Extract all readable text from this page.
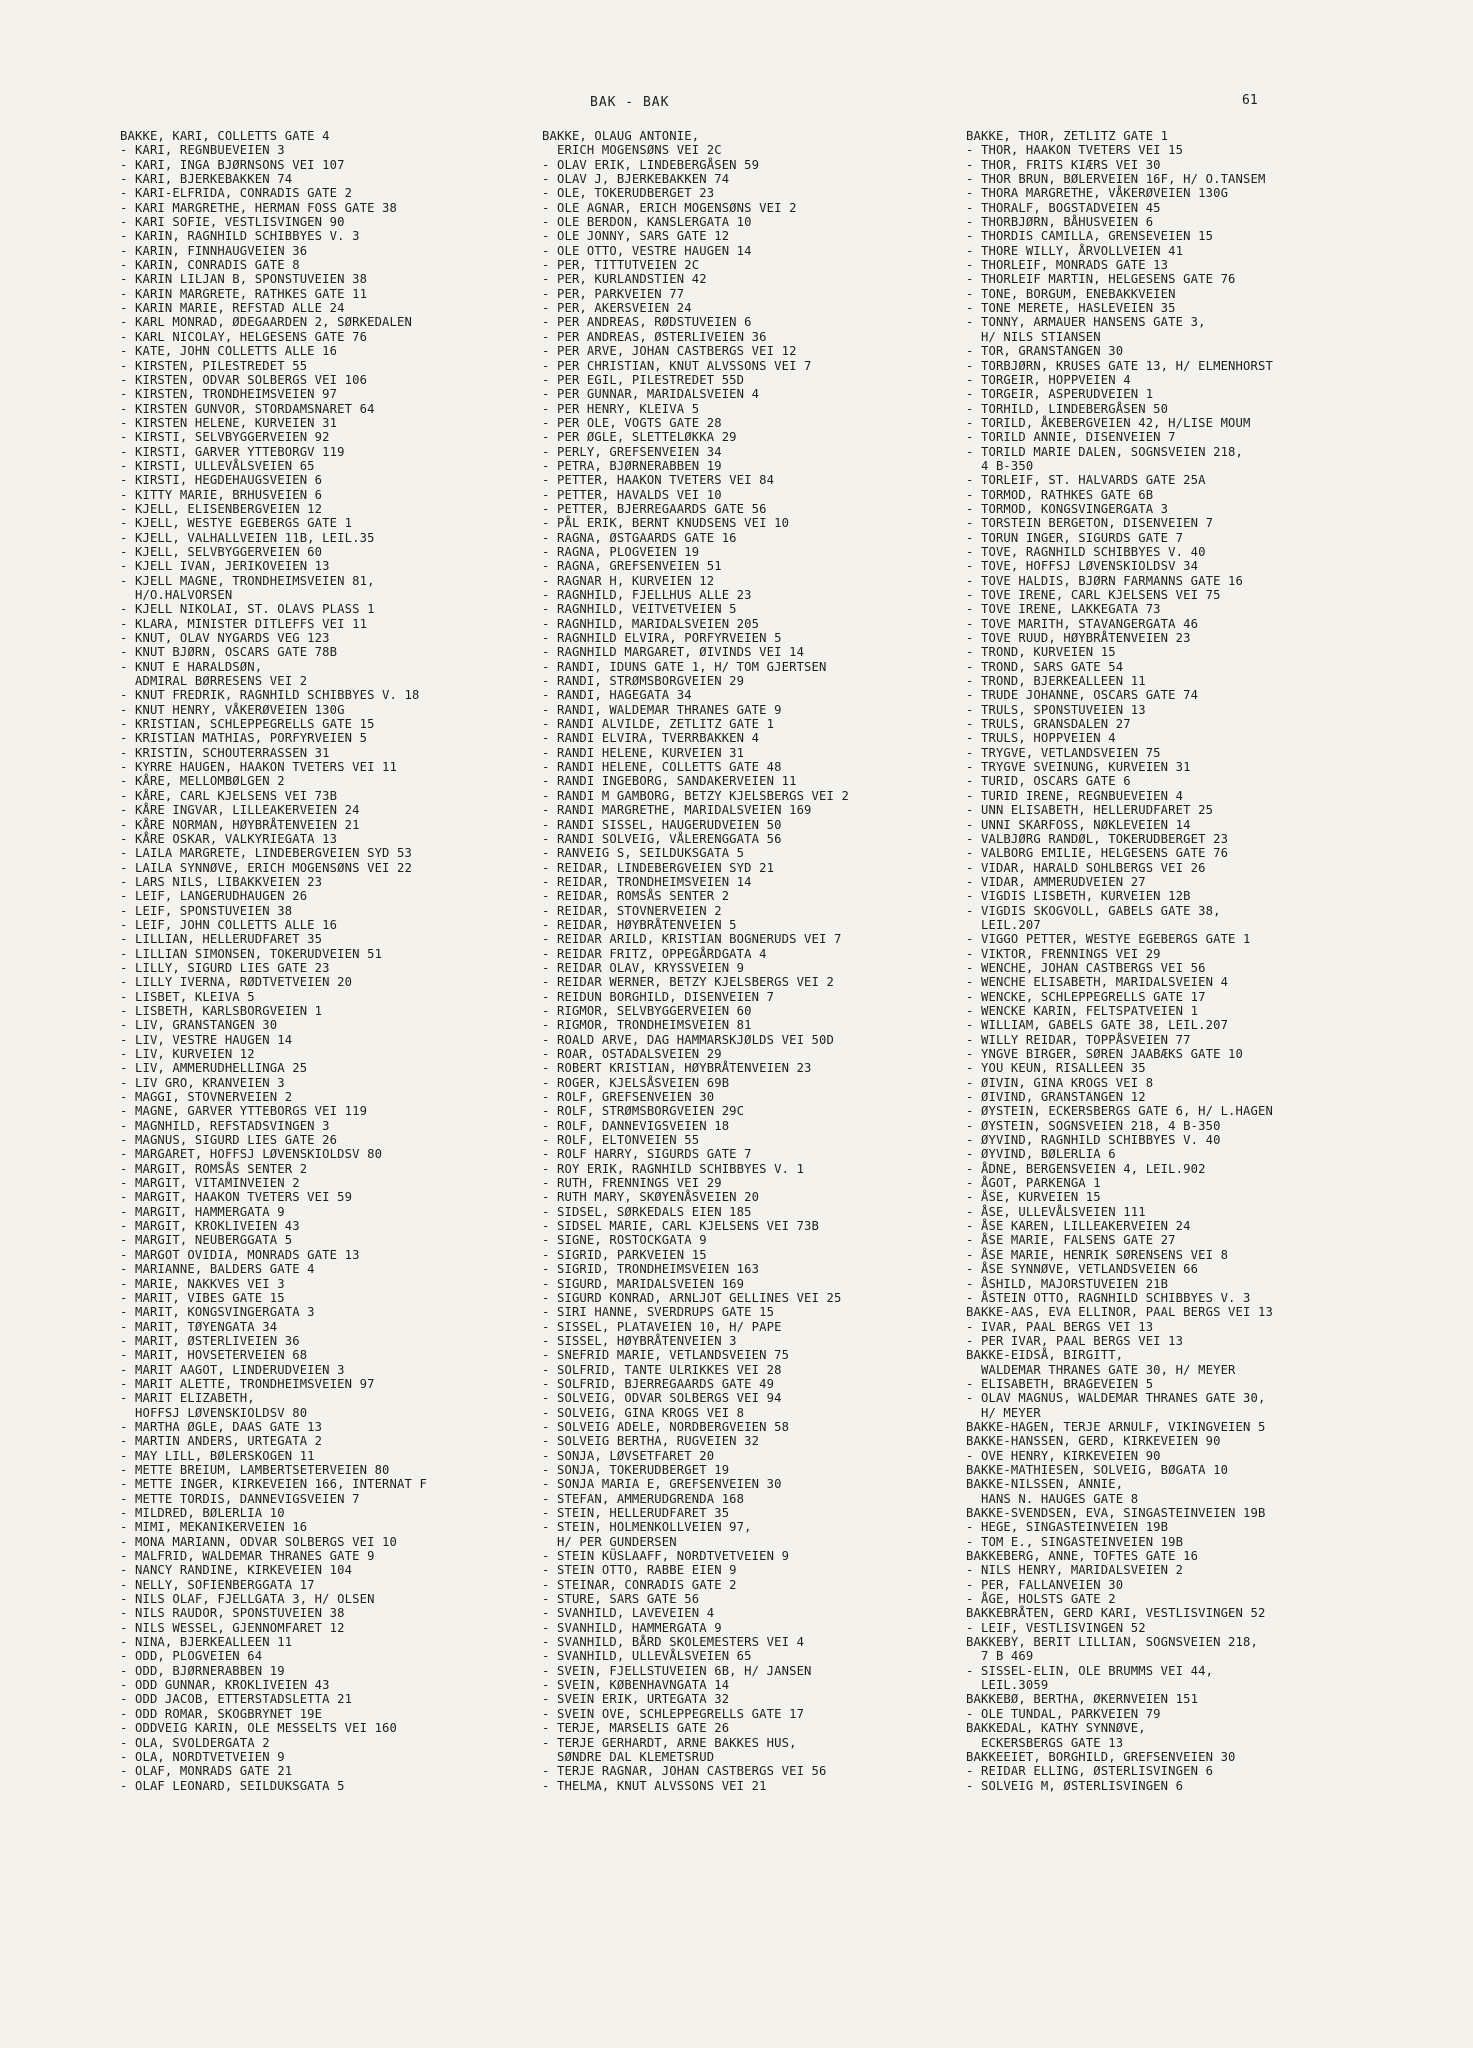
BAK - BAK	61
BAKKE, KARI, COLLETTS GATE 4
- KARI, REGNBUEVEIEN 3
- KARI, INGA BJØRNSONS VEI 107
- KARI, BJERKEBAKKEN 74
- KARI-ELFRIDA, CONRADIS GATE 2
- KARI MARGRETHE, HERMAN FOSS GATE 38
- KARI SOFIE, VESTLISVINGEN 90
- KARIN, RAGNHILD SCHIBBYES V. 3
- KARIN, FINNHAUGVEIEN 36
- KARIN, CONRADIS GATE 8
- KARIN LILJAN B, SPONSTUVEIEN 38
- KARIN MARGRETE, RATHKES GATE 11
- KARIN MARIE, REFSTAD ALLE 24
- KARL MONRAD, ØDEGAARDEN 2, SØRKEDALEN
- KARL NICOLAY, HELGESENS GATE 76
- KATE, JOHN COLLETTS ALLE 16
- KIRSTEN, PILESTREDET 55
- KIRSTEN, ODVAR SOLBERGS VEI 106
- KIRSTEN, TRONDHEIMSVEIEN 97
- KIRSTEN GUNVOR, STORDAMSNARET 64
- KIRSTEN HELENE, KURVEIEN 31
- KIRSTI, SELVBYGGERVEIEN 92
- KIRSTI, GARVER YTTEBORGV 119
- KIRSTI, ULLEVÅLSVEIEN 65
- KIRSTI, HEGDEHAUGSVEIEN 6
- KITTY MARIE, BRHUSVEIEN 6
- KJELL, ELISENBERGVEIEN 12
- KJELL, WESTYE EGEBERGS GATE 1
- KJELL, VALHALLVEIEN 11B, LEIL.35
- KJELL, SELVBYGGERVEIEN 60
- KJELL IVAN, JERIKOVEIEN 13
- KJELL MAGNE, TRONDHEIMSVEIEN 81,
H/O.HALVORSEN
- KJELL NIKOLAI, ST. OLAVS PLASS 1
- KLARA, MINISTER DITLEFFS VEI 11
- KNUT, OLAV NYGARDS VEG 123
- KNUT BJØRN, OSCARS GATE 78B
- KNUT E HARALDSØN,
ADMIRAL BØRRESENS VEI 2
- KNUT FREDRIK, RAGNHILD SCHIBBYES V. 18
- KNUT HENRY, VÅKERØVEIEN 130G
- KRISTIAN, SCHLEPPEGRELLS GATE 15
- KRISTIAN MATHIAS, PORFYRVEIEN 5
- KRISTIN, SCHOUTERRASSEN 31
- KYRRE HAUGEN, HAAKON TVETERS VEI 11
- KÅRE, MELLOMBØLGEN 2
- KÅRE, CARL KJELSENS VEI 73B
- KÅRE INGVAR, LILLEAKERVEIEN 24
- KÅRE NORMAN, HØYBRÅTENVEIEN 21
- KÅRE OSKAR, VALKYRIEGATA 13
- LAILA MARGRETE, LINDEBERGVEIEN SYD 53
- LAILA SYNNØVE, ERICH MOGENSØNS VEI 22
- LARS NILS, LIBAKKVEIEN 23
- LEIF, LANGERUDHAUGEN 26
- LEIF, SPONSTUVEIEN 38
- LEIF, JOHN COLLETTS ALLE 16
- LILLIAN, HELLERUDFARET 35
- LILLIAN SIMONSEN, TOKERUDVEIEN 51
- LILLY, SIGURD LIES GATE 23
- LILLY IVERNA, RØDTVETVEIEN 20
- LISBET, KLEIVA 5
- LISBETH, KARLSBORGVEIEN 1
- LIV, GRANSTANGEN 30
- LIV, VESTRE HAUGEN 14
- LIV, KURVEIEN 12
- LIV, AMMERUDHELLINGA 25
- LIV GRO, KRANVEIEN 3
- MAGGI, STOVNERVEIEN 2
- MAGNE, GARVER YTTEBORGS VEI 119
- MAGNHILD, REFSTADSVINGEN 3
- MAGNUS, SIGURD LIES GATE 26
- MARGARET, HOFFSJ LØVENSKIOLDSV 80
- MARGIT, ROMSÅS SENTER 2
- MARGIT, VITAMINVEIEN 2
- MARGIT, HAAKON TVETERS VEI 59
- MARGIT, HAMMERGATA 9
- MARGIT, KROKLIVEIEN 43
- MARGIT, NEUBERGGATA 5
- MARGOT OVIDIA, MONRADS GATE 13
- MARIANNE, BALDERS GATE 4
- MARIE, NAKKVES VEI 3
- MARIT, VIBES GATE 15
- MARIT, KONGSVINGERGATA 3
- MARIT, TØYENGATA 34
- MARIT, ØSTERLIVEIEN 36
- MARIT, HOVSETERVEIEN 68
- MARIT AAGOT, LINDERUDVEIEN 3
- MARIT ALETTE, TRONDHEIMSVEIEN 97
- MARIT ELIZABETH,
HOFFSJ LØVENSKIOLDSV 80
- MARTHA ØGLE, DAAS GATE 13
- MARTIN ANDERS, URTEGATA 2
- MAY LILL, BØLERSKOGEN 11
- METTE BREIUM, LAMBERTSETERVEIEN 80
- METTE INGER, KIRKEVEIEN 166, INTERNAT F
- METTE TORDIS, DANNEVIGSVEIEN 7
- MILDRED, BØLERLIA 10
- MIMI, MEKANIKERVEIEN 16
- MONA MARIANN, ODVAR SOLBERGS VEI 10
- MALFRID, WALDEMAR THRANES GATE 9
- NANCY RANDINE, KIRKEVEIEN 104
- NELLY, SOFIENBERGGATA 17
- NILS OLAF, FJELLGATA 3, H/ OLSEN
- NILS RAUDOR, SPONSTUVEIEN 38
- NILS WESSEL, GJENNOMFARET 12
- NINA, BJERKEALLEEN 11
- ODD, PLOGVEIEN 64
- ODD, BJØRNERABBEN 19
- ODD GUNNAR, KROKLIVEIEN 43
- ODD JACOB, ETTERSTADSLETTA 21
- ODD ROMAR, SKOGBRYNET 19E
- ODDVEIG KARIN, OLE MESSELTS VEI 160
- OLA, SVOLDERGATA 2
- OLA, NORDTVETVEIEN 9
- OLAF, MONRADS GATE 21
- OLAF LEONARD, SEILDUKSGATA 5
BAKKE, OLAUG ANTONIE,
ERICH MOGENSØNS VEI 2C
- OLAV ERIK, LINDEBERGÅSEN 59
- OLAV J, BJERKEBAKKEN 74
- OLE, TOKERUDBERGET 23
- OLE AGNAR, ERICH MOGENSØNS VEI 2
- OLE BERDON, KANSLERGATA 10
- OLE JONNY, SARS GATE 12
- OLE OTTO, VESTRE HAUGEN 14
- PER, TITTUTVEIEN 2C
- PER, KURLANDSTIEN 42
- PER, PARKVEIEN 77
- PER, AKERSVEIEN 24
- PER ANDREAS, RØDSTUVEIEN 6
- PER ANDREAS, ØSTERLIVEIEN 36
- PER ARVE, JOHAN CASTBERGS VEI 12
- PER CHRISTIAN, KNUT ALVSSONS VEI 7
- PER EGIL, PILESTREDET 55D
- PER GUNNAR, MARIDALSVEIEN 4
- PER HENRY, KLEIVA 5
- PER OLE, VOGTS GATE 28
- PER ØGLE, SLETTELØKKA 29
- PERLY, GREFSENVEIEN 34
- PETRA, BJØRNERABBEN 19
- PETTER, HAAKON TVETERS VEI 84
- PETTER, HAVALDS VEI 10
- PETTER, BJERREGAARDS GATE 56
- PÅL ERIK, BERNT KNUDSENS VEI 10
- RAGNA, ØSTGAARDS GATE 16
- RAGNA, PLOGVEIEN 19
- RAGNA, GREFSENVEIEN 51
- RAGNAR H, KURVEIEN 12
- RAGNHILD, FJELLHUS ALLE 23
- RAGNHILD, VEITVETVEIEN 5
- RAGNHILD, MARIDALSVEIEN 205
- RAGNHILD ELVIRA, PORFYRVEIEN 5
- RAGNHILD MARGARET, ØIVINDS VEI 14
- RANDI, IDUNS GATE 1, H/ TOM GJERTSEN
- RANDI, STRØMSBORGVEIEN 29
- RANDI, HAGEGATA 34
- RANDI, WALDEMAR THRANES GATE 9
- RANDI ALVILDE, ZETLITZ GATE 1
- RANDI ELVIRA, TVERRBAKKEN 4
- RANDI HELENE, KURVEIEN 31
- RANDI HELENE, COLLETTS GATE 48
- RANDI INGEBORG, SANDAKERVEIEN 11
- RANDI M GAMBORG, BETZY KJELSBERGS VEI 2
- RANDI MARGRETHE, MARIDALSVEIEN 169
- RANDI SISSEL, HAUGERUDVEIEN 50
- RANDI SOLVEIG, VÅLERENGGATA 56
- RANVEIG S, SEILDUKSGATA 5
- REIDAR, LINDEBERGVEIEN SYD 21
- REIDAR, TRONDHEIMSVEIEN 14
- REIDAR, ROMSÅS SENTER 2
- REIDAR, STOVNERVEIEN 2
- REIDAR, HØYBRÅTENVEIEN 5
- REIDAR ARILD, KRISTIAN BOGNERUDS VEI 7
- REIDAR FRITZ, OPPEGÅRDGATA 4
- REIDAR OLAV, KRYSSVEIEN 9
- REIDAR WERNER, BETZY KJELSBERGS VEI 2
- REIDUN BORGHILD, DISENVEIEN 7
- RIGMOR, SELVBYGGERVEIEN 60
- RIGMOR, TRONDHEIMSVEIEN 81
- ROALD ARVE, DAG HAMMARSKJØLDS VEI 50D
- ROAR, OSTADALSVEIEN 29
- ROBERT KRISTIAN, HØYBRÅTENVEIEN 23
- ROGER, KJELSÅSVEIEN 69B
- ROLF, GREFSENVEIEN 30
- ROLF, STRØMSBORGVEIEN 29C
- ROLF, DANNEVIGSVEIEN 18
- ROLF, ELTONVEIEN 55
- ROLF HARRY, SIGURDS GATE 7
- ROY ERIK, RAGNHILD SCHIBBYES V. 1
- RUTH, FRENNINGS VEI 29
- RUTH MARY, SKØYENÅSVEIEN 20
- SIDSEL, SØRKEDALS EIEN 185
- SIDSEL MARIE, CARL KJELSENS VEI 73B
- SIGNE, ROSTOCKGATA 9
- SIGRID, PARKVEIEN 15
- SIGRID, TRONDHEIMSVEIEN 163
- SIGURD, MARIDALSVEIEN 169
- SIGURD KONRAD, ARNLJOT GELLINES VEI 25
- SIRI HANNE, SVERDRUPS GATE 15
- SISSEL, PLATAVEIEN 10, H/ PAPE
- SISSEL, HØYBRÅTENVEIEN 3
- SNEFRID MARIE, VETLANDSVEIEN 75
- SOLFRID, TANTE ULRIKKES VEI 28
- SOLFRID, BJERREGAARDS GATE 49
- SOLVEIG, ODVAR SOLBERGS VEI 94
- SOLVEIG, GINA KROGS VEI 8
- SOLVEIG ADELE, NORDBERGVEIEN 58
- SOLVEIG BERTHA, RUGVEIEN 32
- SONJA, LØVSETFARET 20
- SONJA, TOKERUDBERGET 19
- SONJA MARIA E, GREFSENVEIEN 30
- STEFAN, AMMERUDGRENDA 168
- STEIN, HELLERUDFARET 35
- STEIN, HOLMENKOLLVEIEN 97,
H/ PER GUNDERSEN
- STEIN KÜSLAAFF, NORDTVETVEIEN 9
- STEIN OTTO, RABBE EIEN 9
- STEINAR, CONRADIS GATE 2
- STURE, SARS GATE 56
- SVANHILD, LAVEVEIEN 4
- SVANHILD, HAMMERGATA 9
- SVANHILD, BÅRD SKOLEMESTERS VEI 4
- SVANHILD, ULLEVÅLSVEIEN 65
- SVEIN, FJELLSTUVEIEN 6B, H/ JANSEN
- SVEIN, KØBENHAVNGATA 14
- SVEIN ERIK, URTEGATA 32
- SVEIN OVE, SCHLEPPEGRELLS GATE 17
- TERJE, MARSELIS GATE 26
- TERJE GERHARDT, ARNE BAKKES HUS,
SØNDRE DAL KLEMETSRUD
- TERJE RAGNAR, JOHAN CASTBERGS VEI 56
- THELMA, KNUT ALVSSONS VEI 21
BAKKE, THOR, ZETLITZ GATE 1
- THOR, HAAKON TVETERS VEI 15
- THOR, FRITS KIÆRS VEI 30
- THOR BRUN, BØLERVEIEN 16F, H/ O.TANSEM
- THORA MARGRETHE, VÅKERØVEIEN 130G
- THORALF, BOGSTADVEIEN 45
- THORBJØRN, BÅHUSVEIEN 6
- THORDIS CAMILLA, GRENSEVEIEN 15
- THORE WILLY, ÅRVOLLVEIEN 41
- THORLEIF, MONRADS GATE 13
- THORLEIF MARTIN, HELGESENS GATE 76
- TONE, BORGUM, ENEBAKKVEIEN
- TONE MERETE, HASLEVEIEN 35
- TONNY, ARMAUER HANSENS GATE 3,
H/ NILS STIANSEN
- TOR, GRANSTANGEN 30
- TORBJØRN, KRUSES GATE 13, H/ ELMENHORST
- TORGEIR, HOPPVEIEN 4
- TORGEIR, ASPERUDVEIEN 1
- TORHILD, LINDEBERGÅSEN 50
- TORILD, ÅKEBERGVEIEN 42, H/LISE MOUM
- TORILD ANNIE, DISENVEIEN 7
- TORILD MARIE DALEN, SOGNSVEIEN 218,
4 B-350
- TORLEIF, ST. HALVARDS GATE 25A
- TORMOD, RATHKES GATE 6B
- TORMOD, KONGSVINGERGATA 3
- TORSTEIN BERGETON, DISENVEIEN 7
- TORUN INGER, SIGURDS GATE 7
- TOVE, RAGNHILD SCHIBBYES V. 40
- TOVE, HOFFSJ LØVENSKIOLDSV 34
- TOVE HALDIS, BJØRN FARMANNS GATE 16
- TOVE IRENE, CARL KJELSENS VEI 75
- TOVE IRENE, LAKKEGATA 73
- TOVE MARITH, STAVANGERGATA 46
- TOVE RUUD, HØYBRÅTENVEIEN 23
- TROND, KURVEIEN 15
- TROND, SARS GATE 54
- TROND, BJERKEALLEEN 11
- TRUDE JOHANNE, OSCARS GATE 74
- TRULS, SPONSTUVEIEN 13
- TRULS, GRANSDALEN 27
- TRULS, HOPPVEIEN 4
- TRYGVE, VETLANDSVEIEN 75
- TRYGVE SVEINUNG, KURVEIEN 31
- TURID, OSCARS GATE 6
- TURID IRENE, REGNBUEVEIEN 4
- UNN ELISABETH, HELLERUDFARET 25
- UNNI SKARFOSS, NØKLEVEIEN 14
- VALBJØRG RANDØL, TOKERUDBERGET 23
- VALBORG EMILIE, HELGESENS GATE 76
- VIDAR, HARALD SOHLBERGS VEI 26
- VIDAR, AMMERUDVEIEN 27
- VIGDIS LISBETH, KURVEIEN 12B
- VIGDIS SKOGVOLL, GABELS GATE 38,
LEIL.207
- VIGGO PETTER, WESTYE EGEBERGS GATE 1
- VIKTOR, FRENNINGS VEI 29
- WENCHE, JOHAN CASTBERGS VEI 56
- WENCHE ELISABETH, MARIDALSVEIEN 4
- WENCKE, SCHLEPPEGRELLS GATE 17
- WENCKE KARIN, FELTSPATVEIEN 1
- WILLIAM, GABELS GATE 38, LEIL.207
- WILLY REIDAR, TOPPÅSVEIEN 77
- YNGVE BIRGER, SØREN JAABÆKS GATE 10
- YOU KEUN, RISALLEEN 35
- ØIVIN, GINA KROGS VEI 8
- ØIVIND, GRANSTANGEN 12
- ØYSTEIN, ECKERSBERGS GATE 6, H/ L.HAGEN
- ØYSTEIN, SOGNSVEIEN 218, 4 B-350
- ØYVIND, RAGNHILD SCHIBBYES V. 40
- ØYVIND, BØLERLIA 6
- ÅDNE, BERGENSVEIEN 4, LEIL.902
- ÅGOT, PARKENGA 1
- ÅSE, KURVEIEN 15
- ÅSE, ULLEVÅLSVEIEN 111
- ÅSE KAREN, LILLEAKERVEIEN 24
- ÅSE MARIE, FALSENS GATE 27
- ÅSE MARIE, HENRIK SØRENSENS VEI 8
- ÅSE SYNNØVE, VETLANDSVEIEN 66
- ÅSHILD, MAJORSTUVEIEN 21B
- ÅSTEIN OTTO, RAGNHILD SCHIBBYES V. 3
BAKKE-AAS, EVA ELLINOR, PAAL BERGS VEI 13
- IVAR, PAAL BERGS VEI 13
- PER IVAR, PAAL BERGS VEI 13
BAKKE-EIDSÅ, BIRGITT,
WALDEMAR THRANES GATE 30, H/ MEYER
- ELISABETH, BRAGEVEIEN 5
- OLAV MAGNUS, WALDEMAR THRANES GATE 30,
H/ MEYER
BAKKE-HAGEN, TERJE ARNULF, VIKINGVEIEN 5
BAKKE-HANSSEN, GERD, KIRKEVEIEN 90
- OVE HENRY, KIRKEVEIEN 90
BAKKE-MATHIESEN, SOLVEIG, BØGATA 10
BAKKE-NILSSEN, ANNIE,
HANS N. HAUGES GATE 8
BAKKE-SVENDSEN, EVA, SINGASTEINVEIEN 19B
- HEGE, SINGASTEINVEIEN 19B
- TOM E., SINGASTEINVEIEN 19B
BAKKEBERG, ANNE, TOFTES GATE 16
- NILS HENRY, MARIDALSVEIEN 2
- PER, FALLANVEIEN 30
- ÅGE, HOLSTS GATE 2
BAKKEBRÅTEN, GERD KARI, VESTLISVINGEN 52
- LEIF, VESTLISVINGEN 52
BAKKEBY, BERIT LILLIAN, SOGNSVEIEN 218,
7 B 469
- SISSEL-ELIN, OLE BRUMMS VEI 44,
LEIL.3059
BAKKEBØ, BERTHA, ØKERNVEIEN 151
- OLE TUNDAL, PARKVEIEN 79
BAKKEDAL, KATHY SYNNØVE,
ECKERSBERGS GATE 13
BAKKEEIET, BORGHILD, GREFSENVEIEN 30
- REIDAR ELLING, ØSTERLISVINGEN 6
- SOLVEIG M, ØSTERLISVINGEN 6
